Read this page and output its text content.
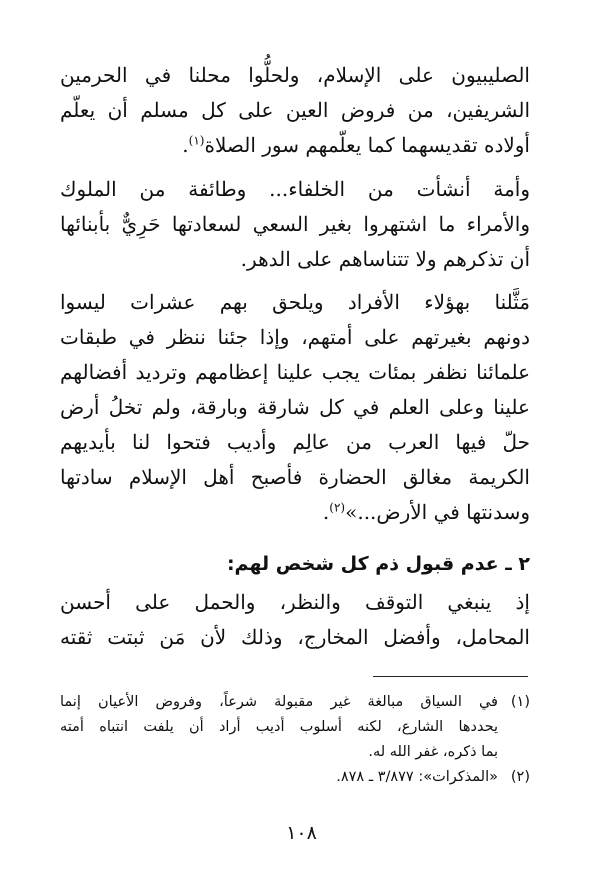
الصليبيون على الإسلام، ولحلُّوا محلنا في الحرمين
الشريفين، من فروض العين على كل مسلم أن يعلّم
أولاده تقديسهما كما يعلّمهم سور الصلاة$^{(١)}$.
وأمة أنشأت من الخلفاء... وطائفة من الملوك
والأمراء ما اشتهروا بغير السعي لسعادتها حَرِيٌّ بأبنائها
أن تذكرهم ولا تتناساهم على الدهر.
مَثَّلنا بهؤلاء الأفراد ويلحق بهم عشرات ليسوا
دونهم بغيرتهم على أمتهم، وإذا جئنا ننظر في طبقات
علمائنا نظفر بمئات يجب علينا إعظامهم وترديد أفضالهم
علينا وعلى العلم في كل شارقة وبارقة، ولم تخلُ أرض
حلّ فيها العرب من عالِم وأديب فتحوا لنا بأيديهم
الكريمة مغالق الحضارة فأصبح أهل الإسلام سادتها
وسدنتها في الأرض...»$^{(٢)}$.
٢ ـ عدم قبول ذم كل شخص لهم:
إذ ينبغي التوقف والنظر، والحمل على أحسن
المحامل، وأفضل المخارج، وذلك لأن مَن ثبتت ثقته
(١)في السياق مبالغة غير مقبولة شرعاً، وفروض الأعيان إنما
يحددها الشارع، لكنه أسلوب أديب أراد أن يلفت انتباه أمته
بما ذكره، غفر الله له.
(٢)«المذكرات»: ٣/٨٧٧ ـ ٨٧٨.
١٠٨
